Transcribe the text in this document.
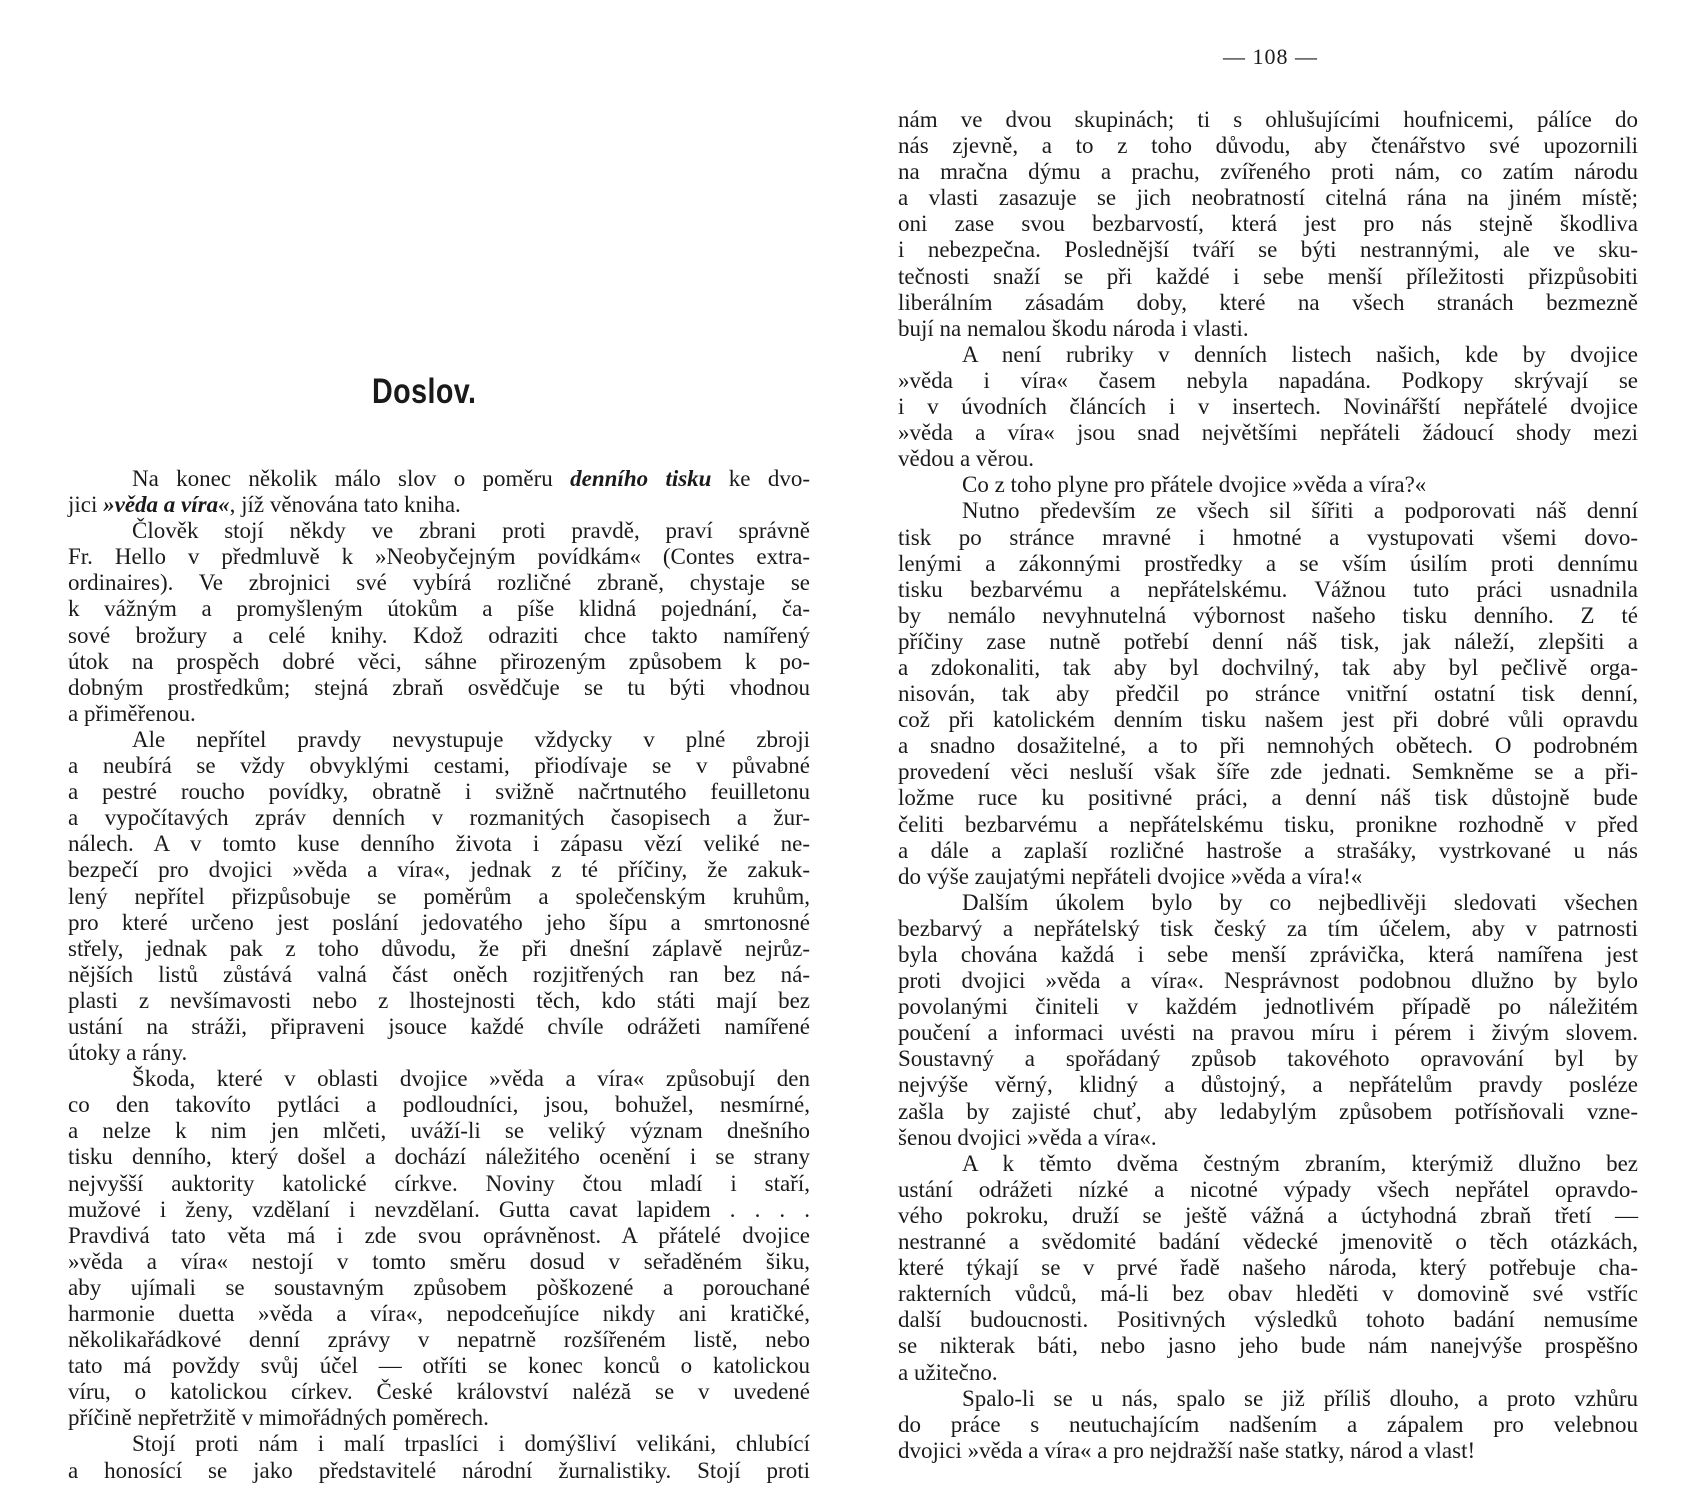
Doslov.
Na konec několik málo slov o poměru denního tisku ke dvo-
jici »věda a víra«, jíž věnována tato kniha.
Člověk stojí někdy ve zbrani proti pravdě, praví správně
Fr. Hello v předmluvě k »Neobyčejným povídkám« (Contes extra-
ordinaires). Ve zbrojnici své vybírá rozličné zbraně, chystaje se
k vážným a promyšleným útokům a píše klidná pojednání, ča-
sové brožury a celé knihy. Kdož odraziti chce takto namířený
útok na prospěch dobré věci, sáhne přirozeným způsobem k po-
dobným prostředkům; stejná zbraň osvědčuje se tu býti vhodnou
a přiměřenou.
Ale nepřítel pravdy nevystupuje vždycky v plné zbroji
a neubírá se vždy obvyklými cestami, přiodívaje se v půvabné
a pestré roucho povídky, obratně i svižně načrtnutého feuilletonu
a vypočítavých zpráv denních v rozmanitých časopisech a žur-
nálech. A v tomto kuse denního života i zápasu vězí veliké ne-
bezpečí pro dvojici »věda a víra«, jednak z té příčiny, že zakuk-
lený nepřítel přizpůsobuje se poměrům a společenským kruhům,
pro které určeno jest poslání jedovatého jeho šípu a smrtonosné
střely, jednak pak z toho důvodu, že při dnešní záplavě nejrůz-
nějších listů zůstává valná část oněch rozjitřených ran bez ná-
plasti z nevšímavosti nebo z lhostejnosti těch, kdo státi mají bez
ustání na stráži, připraveni jsouce každé chvíle odrážeti namířené
útoky a rány.
Škoda, které v oblasti dvojice »věda a víra« způsobují den
co den takovíto pytláci a podloudníci, jsou, bohužel, nesmírné,
a nelze k nim jen mlčeti, uváží-li se veliký význam dnešního
tisku denního, který došel a dochází náležitého ocenění i se strany
nejvyšší auktority katolické církve. Noviny čtou mladí i staří,
mužové i ženy, vzdělaní i nevzdělaní. Gutta cavat lapidem . . . .
Pravdivá tato věta má i zde svou oprávněnost. A přátelé dvojice
»věda a víra« nestojí v tomto směru dosud v seřaděném šiku,
aby ujímali se soustavným způsobem pòškozené a porouchané
harmonie duetta »věda a víra«, nepodceňujíce nikdy ani kratičké,
několikařádkové denní zprávy v nepatrně rozšířeném listě, nebo
tato má povždy svůj účel — otříti se konec konců o katolickou
víru, o katolickou církev. České království naléză se v uvedené
příčině nepřetržitě v mimořádných poměrech.
Stojí proti nám i malí trpaslíci i domýšliví velikáni, chlubící
a honosící se jako představitelé národní žurnalistiky. Stojí proti
— 108 —
nám ve dvou skupinách; ti s ohlušujícími houfnicemi, pálíce do
nás zjevně, a to z toho důvodu, aby čtenářstvo své upozornili
na mračna dýmu a prachu, zvířeného proti nám, co zatím národu
a vlasti zasazuje se jich neobratností citelná rána na jiném místě;
oni zase svou bezbarvostí, která jest pro nás stejně škodliva
i nebezpečna. Poslednější tváří se býti nestrannými, ale ve sku-
tečnosti snaží se při každé i sebe menší příležitosti přizpůsobiti
liberálním zásadám doby, které na všech stranách bezmezně
bují na nemalou škodu národa i vlasti.
A není rubriky v denních listech našich, kde by dvojice
»věda i víra« časem nebyla napadána. Podkopy skrývají se
i v úvodních článcích i v insertech. Novinářští nepřátelé dvojice
»věda a víra« jsou snad největšími nepřáteli žádoucí shody mezi
vědou a věrou.
Co z toho plyne pro přátele dvojice »věda a víra?«
Nutno především ze všech sil šířiti a podporovati náš denní
tisk po stránce mravné i hmotné a vystupovati všemi dovo-
lenými a zákonnými prostředky a se vším úsilím proti dennímu
tisku bezbarvému a nepřátelskému. Vážnou tuto práci usnadnila
by nemálo nevyhnutelná výbornost našeho tisku denního. Z té
příčiny zase nutně potřebí denní náš tisk, jak náleží, zlepšiti a
a zdokonaliti, tak aby byl dochvilný, tak aby byl pečlivě orga-
nisován, tak aby předčil po stránce vnitřní ostatní tisk denní,
což při katolickém denním tisku našem jest při dobré vůli opravdu
a snadno dosažitelné, a to při nemnohých obětech. O podrobném
provedení věci nesluší však šíře zde jednati. Semkněme se a při-
ložme ruce ku positivné práci, a denní náš tisk důstojně bude
čeliti bezbarvému a nepřátelskému tisku, pronikne rozhodně v před
a dále a zaplaší rozličné hastroše a strašáky, vystrkované u nás
do výše zaujatými nepřáteli dvojice »věda a víra!«
Dalším úkolem bylo by co nejbedlivěji sledovati všechen
bezbarvý a nepřátelský tisk český za tím účelem, aby v patrnosti
byla chována každá i sebe menší zprávička, která namířena jest
proti dvojici »věda a víra«. Nesprávnost podobnou dlužno by bylo
povolanými činiteli v každém jednotlivém případě po náležitém
poučení a informaci uvésti na pravou míru i pérem i živým slovem.
Soustavný a spořádaný způsob takovéhoto opravování byl by
nejvýše věrný, klidný a důstojný, a nepřátelům pravdy posléze
zašla by zajisté chuť, aby ledabylým způsobem potřísňovali vzne-
šenou dvojici »věda a víra«.
A k těmto dvěma čestným zbraním, kterýmiž dlužno bez
ustání odrážeti nízké a nicotné výpady všech nepřátel opravdo-
vého pokroku, druží se ještě vážná a úctyhodná zbraň třetí —
nestranné a svědomité badání vědecké jmenovitě o těch otázkách,
které týkají se v prvé řadě našeho národa, který potřebuje cha-
rakterních vůdců, má-li bez obav hleděti v domovině své vstříc
další budoucnosti. Positivných výsledků tohoto badání nemusíme
se nikterak báti, nebo jasno jeho bude nám nanejvýše prospěšno
a užitečno.
Spalo-li se u nás, spalo se již příliš dlouho, a proto vzhůru
do práce s neutuchajícím nadšením a zápalem pro velebnou
dvojici »věda a víra« a pro nejdražší naše statky, národ a vlast!
